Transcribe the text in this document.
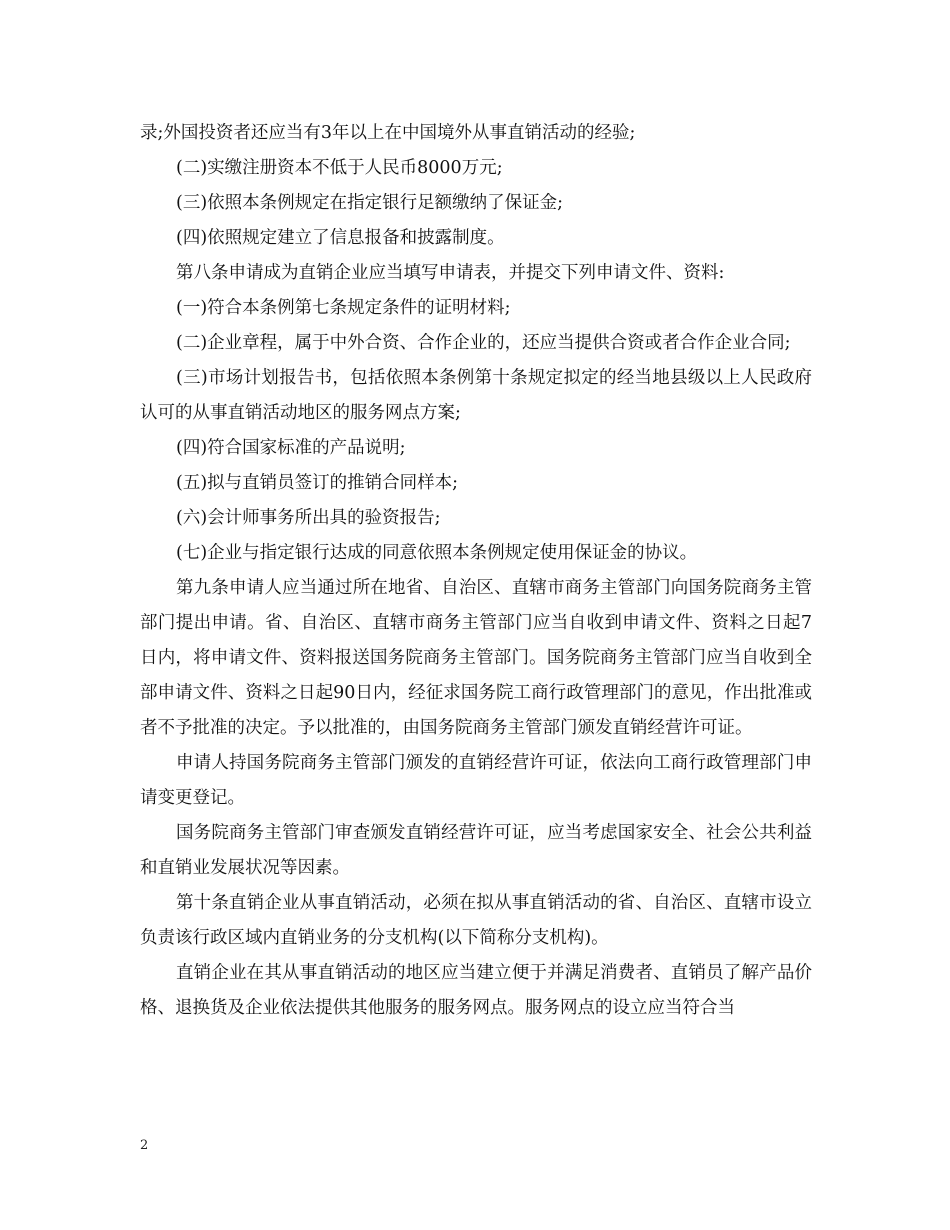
录;外国投资者还应当有3年以上在中国境外从事直销活动的经验;

(二)实缴注册资本不低于人民币8000万元;

(三)依照本条例规定在指定银行足额缴纳了保证金;

(四)依照规定建立了信息报备和披露制度。

第八条申请成为直销企业应当填写申请表，并提交下列申请文件、资料:

(一)符合本条例第七条规定条件的证明材料;

(二)企业章程，属于中外合资、合作企业的，还应当提供合资或者合作企业合同;

(三)市场计划报告书，包括依照本条例第十条规定拟定的经当地县级以上人民政府认可的从事直销活动地区的服务网点方案;

(四)符合国家标准的产品说明;

(五)拟与直销员签订的推销合同样本;

(六)会计师事务所出具的验资报告;

(七)企业与指定银行达成的同意依照本条例规定使用保证金的协议。

第九条申请人应当通过所在地省、自治区、直辖市商务主管部门向国务院商务主管部门提出申请。省、自治区、直辖市商务主管部门应当自收到申请文件、资料之日起7日内，将申请文件、资料报送国务院商务主管部门。国务院商务主管部门应当自收到全部申请文件、资料之日起90日内，经征求国务院工商行政管理部门的意见，作出批准或者不予批准的决定。予以批准的，由国务院商务主管部门颁发直销经营许可证。

申请人持国务院商务主管部门颁发的直销经营许可证，依法向工商行政管理部门申请变更登记。

国务院商务主管部门审查颁发直销经营许可证，应当考虑国家安全、社会公共利益和直销业发展状况等因素。

第十条直销企业从事直销活动，必须在拟从事直销活动的省、自治区、直辖市设立负责该行政区域内直销业务的分支机构(以下简称分支机构)。

直销企业在其从事直销活动的地区应当建立便于并满足消费者、直销员了解产品价格、退换货及企业依法提供其他服务的服务网点。服务网点的设立应当符合当

2
